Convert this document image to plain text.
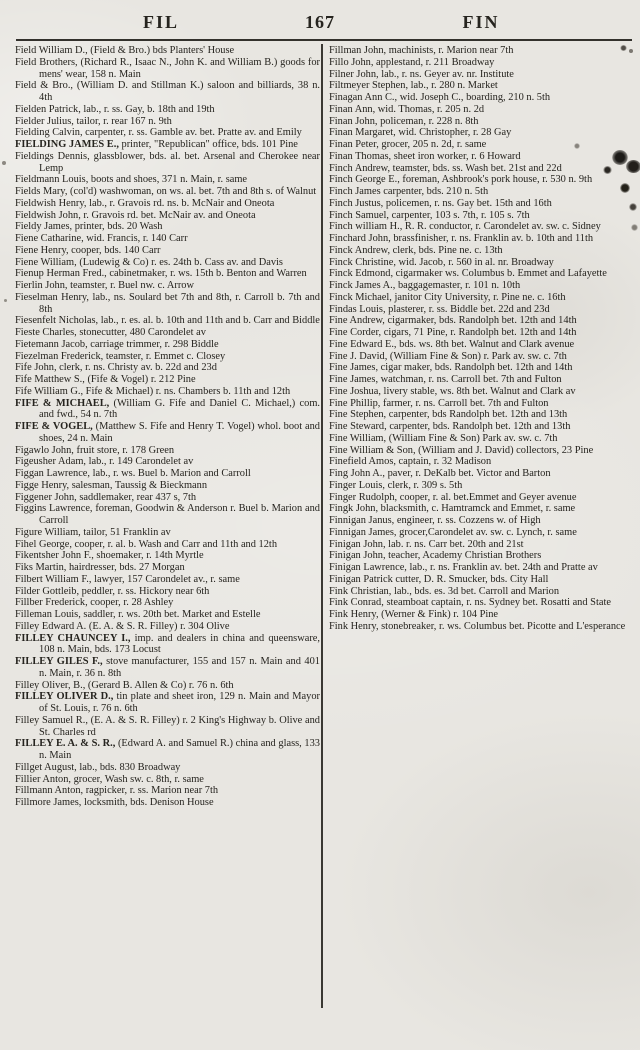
FIL	167	FIN

Field William D., (Field & Bro.) bds Planters' House

Field Brothers, (Richard R., Isaac N., John K. and William B.) goods for mens' wear, 158 n. Main

Field & Bro., (William D. and Stillman K.) saloon and billiards, 38 n. 4th

Fielden Patrick, lab., r. ss. Gay, b. 18th and 19th

Fielder Julius, tailor, r. rear 167 n. 9th

Fielding Calvin, carpenter, r. ss. Gamble av. bet. Pratte av. and Emily

FIELDING JAMES E., printer, "Republican" office, bds. 101 Pine

Fieldings Dennis, glassblower, bds. al. bet. Arsenal and Cherokee near Lemp

Fieldmann Louis, boots and shoes, 371 n. Main, r. same

Fields Mary, (col'd) washwoman, on ws. al. bet. 7th and 8th s. of Walnut

Fieldwish Henry, lab., r. Gravois rd. ns. b. McNair and Oneota

Fieldwish John, r. Gravois rd. bet. McNair av. and Oneota

Fieldy James, printer, bds. 20 Wash

Fiene Catharine, wid. Francis, r. 140 Carr

Fiene Henry, cooper, bds. 140 Carr

Fiene William, (Ludewig & Co) r. es. 24th b. Cass av. and Davis

Fienup Herman Fred., cabinetmaker, r. ws. 15th b. Benton and Warren

Fierlin John, teamster, r. Buel nw. c. Arrow

Fieselman Henry, lab., ns. Soulard bet 7th and 8th, r. Carroll b. 7th and 8th

Fiesenfelt Nicholas, lab., r. es. al. b. 10th and 11th and b. Carr and Biddle

Fieste Charles, stonecutter, 480 Carondelet av

Fietemann Jacob, carriage trimmer, r. 298 Biddle

Fiezelman Frederick, teamster, r. Emmet c. Closey

Fife John, clerk, r. ns. Christy av. b. 22d and 23d

Fife Matthew S., (Fife & Vogel) r. 212 Pine

Fife William G., Fife & Michael) r. ns. Chambers b. 11th and 12th

FIFE & MICHAEL, (William G. Fife and Daniel C. Michael,) com. and fwd., 54 n. 7th

FIFE & VOGEL, (Matthew S. Fife and Henry T. Vogel) whol. boot and shoes, 24 n. Main

Figawlo John, fruit store, r. 178 Green

Figeusher Adam, lab., r. 149 Carondelet av

Figgan Lawrence, lab., r. ws. Buel b. Marion and Carroll

Figge Henry, salesman, Taussig & Bieckmann

Figgener John, saddlemaker, rear 437 s, 7th

Figgins Lawrence, foreman, Goodwin & Anderson r. Buel b. Marion and Carroll

Figure William, tailor, 51 Franklin av

Fihel George, cooper, r. al. b. Wash and Carr and 11th and 12th

Fikentsher John F., shoemaker, r. 14th Myrtle

Fiks Martin, hairdresser, bds. 27 Morgan

Filbert William F., lawyer, 157 Carondelet av., r. same

Filder Gottleib, peddler, r. ss. Hickory near 6th

Fillber Frederick, cooper, r. 28 Ashley

Filleman Louis, saddler, r. ws. 20th bet. Market and Estelle

Filley Edward A. (E. A. & S. R. Filley) r. 304 Olive

FILLEY CHAUNCEY I., imp. and dealers in china and queensware, 108 n. Main, bds. 173 Locust

FILLEY GILES F., stove manufacturer, 155 and 157 n. Main and 401 n. Main, r. 36 n. 8th

Filley Oliver, B., (Gerard B. Allen & Co) r. 76 n. 6th

FILLEY OLIVER D., tin plate and sheet iron, 129 n. Main and Mayor of St. Louis, r. 76 n. 6th

Filley Samuel R., (E. A. & S. R. Filley) r. 2 King's Highway b. Olive and St. Charles rd

FILLEY E. A. & S. R., (Edward A. and Samuel R.) china and glass, 133 n. Main

Fillget August, lab., bds. 830 Broadway

Fillier Anton, grocer, Wash sw. c. 8th, r. same

Fillmann Anton, ragpicker, r. ss. Marion near 7th

Fillmore James, locksmith, bds. Denison House

Fillman John, machinists, r. Marion near 7th

Fillo John, applestand, r. 211 Broadway

Filner John, lab., r. ns. Geyer av. nr. Institute

Filtmeyer Stephen, lab., r. 280 n. Market

Finagan Ann C., wid. Joseph C., boarding, 210 n. 5th

Finan Ann, wid. Thomas, r. 205 n. 2d

Finan John, policeman, r. 228 n. 8th

Finan Margaret, wid. Christopher, r. 28 Gay

Finan Peter, grocer, 205 n. 2d, r. same

Finan Thomas, sheet iron worker, r. 6 Howard

Finch Andrew, teamster, bds. ss. Wash bet. 21st and 22d

Finch George E., foreman, Ashbrook's pork house, r. 530 n. 9th

Finch James carpenter, bds. 210 n. 5th

Finch Justus, policemen, r. ns. Gay bet. 15th and 16th

Finch Samuel, carpenter, 103 s. 7th, r. 105 s. 7th

Finch william H., R. R. conductor, r. Carondelet av. sw. c. Sidney

Finchard John, brassfinisher, r. ns. Franklin av. b. 10th and 11th

Finck Andrew, clerk, bds. Pine ne. c. 13th

Finck Christine, wid. Jacob, r. 560 in al. nr. Broadway

Finck Edmond, cigarmaker ws. Columbus b. Emmet and Lafayette

Finck James A., baggagemaster, r. 101 n. 10th

Finck Michael, janitor City University, r. Pine ne. c. 16th

Findas Louis, plasterer, r. ss. Biddle bet. 22d and 23d

Fine Andrew, cigarmaker, bds. Randolph bet. 12th and 14th

Fine Corder, cigars, 71 Pine, r. Randolph bet. 12th and 14th

Fine Edward E., bds. ws. 8th bet. Walnut and Clark avenue

Fine J. David, (William Fine & Son) r. Park av. sw. c. 7th

Fine James, cigar maker, bds. Randolph bet. 12th and 14th

Fine James, watchman, r. ns. Carroll bet. 7th and Fulton

Fine Joshua, livery stable, ws. 8th bet. Walnut and Clark av

Fine Phillip, farmer, r. ns. Carroll bet. 7th and Fulton

Fine Stephen, carpenter, bds Randolph bet. 12th and 13th

Fine Steward, carpenter, bds. Randolph bet. 12th and 13th

Fine William, (William Fine & Son) Park av. sw. c. 7th

Fine William & Son, (William and J. David) collectors, 23 Pine

Finefield Amos, captain, r. 32 Madison

Fing John A., paver, r. DeKalb bet. Victor and Barton

Finger Louis, clerk, r. 309 s. 5th

Finger Rudolph, cooper, r. al. bet.Emmet and Geyer avenue

Fingk John, blacksmith, c. Hamtramck and Emmet, r. same

Finnigan Janus, engineer, r. ss. Cozzens w. of High

Finnigan James, grocer,Carondelet av. sw. c. Lynch, r. same

Finigan John, lab. r. ns. Carr bet. 20th and 21st

Finigan John, teacher, Academy Christian Brothers

Finigan Lawrence, lab., r. ns. Franklin av. bet. 24th and Pratte av

Finigan Patrick cutter, D. R. Smucker, bds. City Hall

Fink Christian, lab., bds. es. 3d bet. Carroll and Marion

Fink Conrad, steamboat captain, r. ns. Sydney bet. Rosatti and State

Fink Henry, (Werner & Fink) r. 104 Pine

Fink Henry, stonebreaker, r. ws. Columbus bet. Picotte and L'esperance
